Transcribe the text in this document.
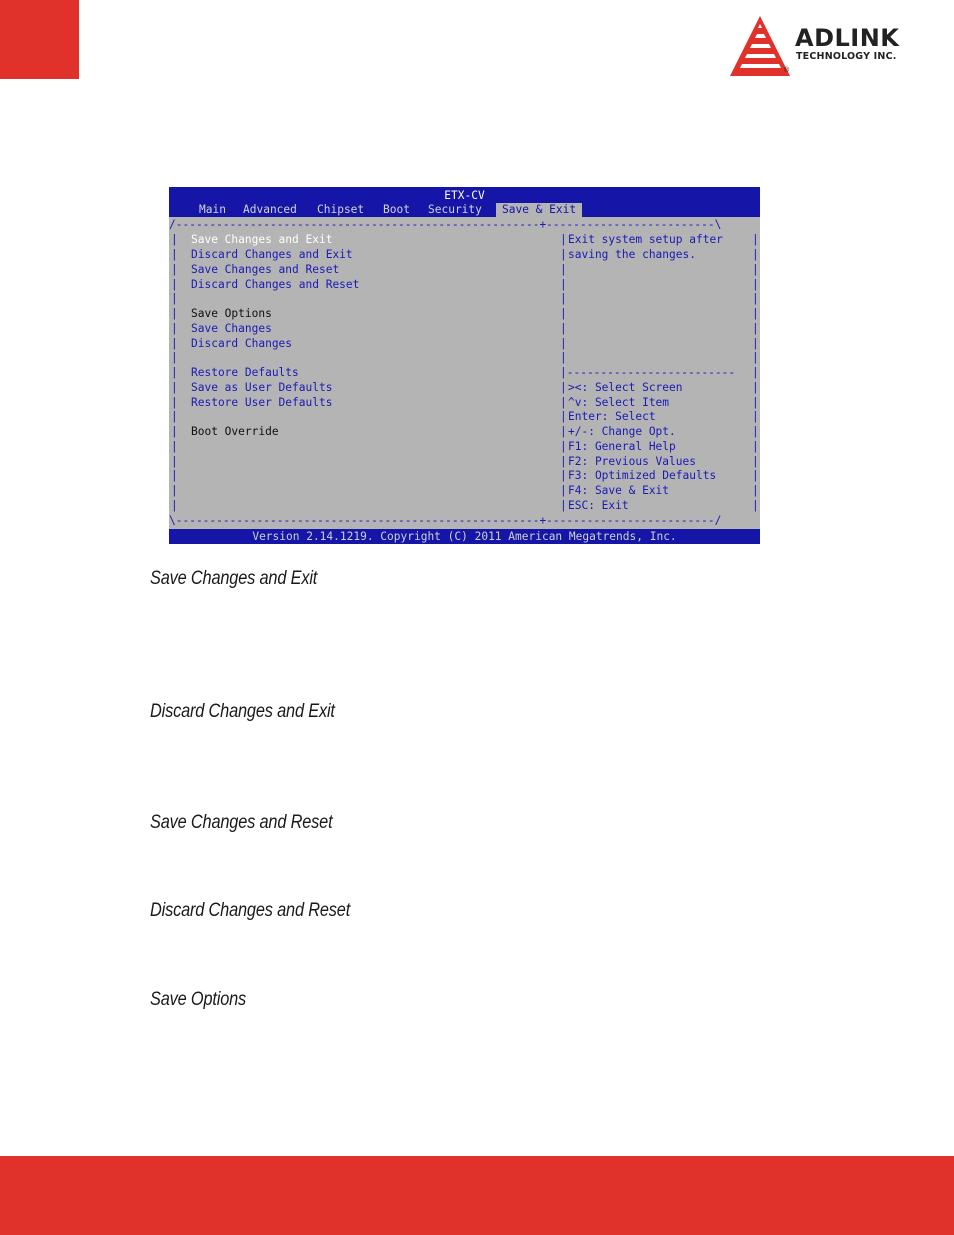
ADLINK
TECHNOLOGY INC.
®
ETX-CV
Main Advanced Chipset Boot Security	Save & Exit
/------------------------------------------------------+-------------------------\
\------------------------------------------------------+-------------------------/
|
|
|
|
|
|
|
|
|
|
|
|
|
|
|
|
|
|
|
|
|
|
|
|
|
|
|
|
|-------------------------
|
|
|
|
|
|
|
|
|
|
|
|
|
|
|
|
|
|
|
|
|
|
|
|
|
|
|
|
Save Changes and Exit
Discard Changes and Exit
Save Changes and Reset
Discard Changes and Reset
Save Options
Save Changes
Discard Changes
Restore Defaults
Save as User Defaults
Restore User Defaults
Boot Override
Exit system setup after
saving the changes.
><: Select Screen
^v: Select Item
Enter: Select
+/-: Change Opt.
F1: General Help
F2: Previous Values
F3: Optimized Defaults
F4: Save & Exit
ESC: Exit
Version 2.14.1219. Copyright (C) 2011 American Megatrends, Inc.
Save Changes and Exit
Discard Changes and Exit
Save Changes and Reset
Discard Changes and Reset
Save Options
